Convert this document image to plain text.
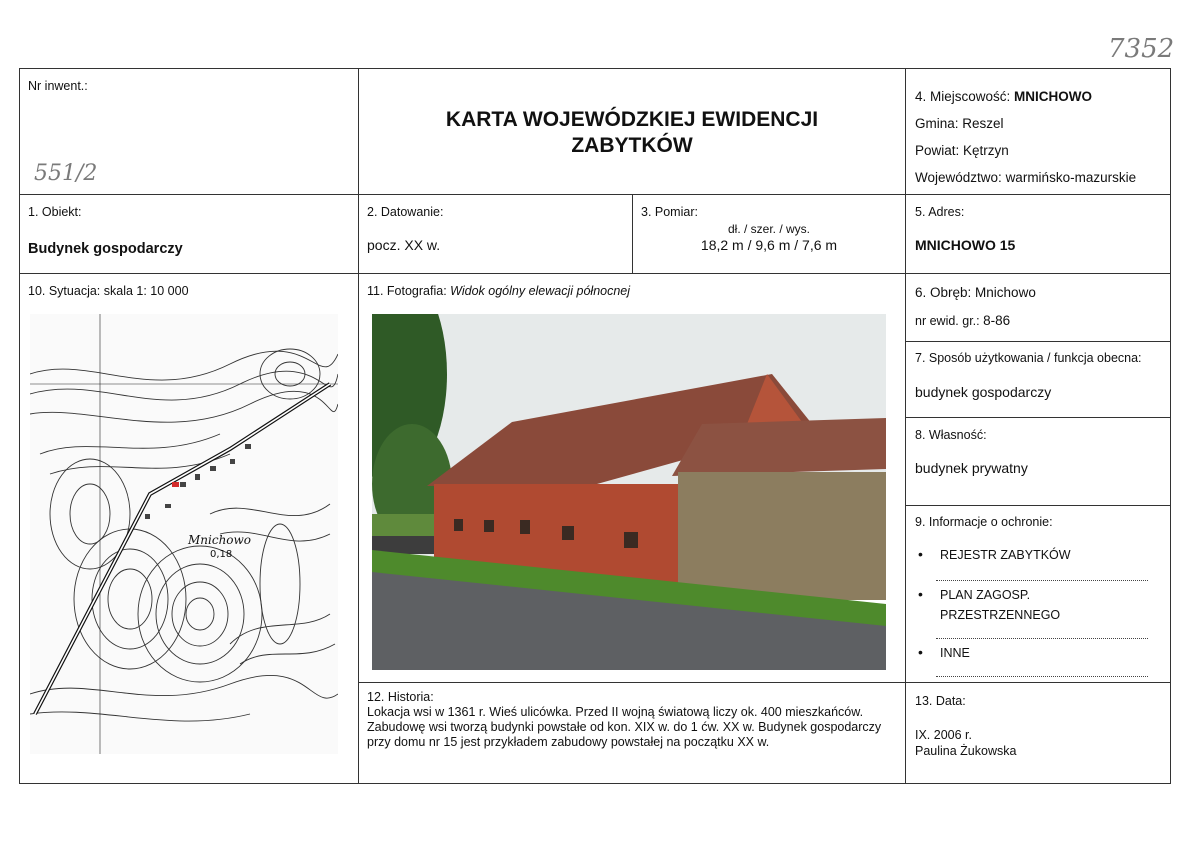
7352
Nr inwent.:
551/2
KARTA WOJEWÓDZKIEJ EWIDENCJI
ZABYTKÓW
4. Miejscowość: MNICHOWO
Gmina: Reszel
Powiat: Kętrzyn
Województwo: warmińsko-mazurskie
1. Obiekt:
Budynek gospodarczy
2. Datowanie:
pocz. XX w.
3. Pomiar:
dł. / szer. / wys.
18,2 m / 9,6 m / 7,6 m
5. Adres:
MNICHOWO 15
10. Sytuacja: skala 1: 10 000
Mnichowo
0,18
11. Fotografia: Widok ogólny elewacji północnej	6. Obręb: Mnichowo
nr ewid. gr.: 8-86
7. Sposób użytkowania / funkcja obecna:
budynek gospodarczy
8. Własność:
budynek prywatny
9. Informacje o ochronie:
• REJESTR ZABYTKÓW
• PLAN ZAGOSP. PRZESTRZENNEGO
• INNE
12. Historia:
Lokacja wsi w 1361 r. Wieś ulicówka. Przed II wojną światową liczy ok. 400 mieszkańców. Zabudowę wsi tworzą budynki powstałe od kon. XIX w. do 1 ćw. XX w. Budynek gospodarczy przy domu nr 15 jest przykładem zabudowy powstałej na początku XX w.
13. Data:
IX. 2006 r.
Paulina Żukowska
